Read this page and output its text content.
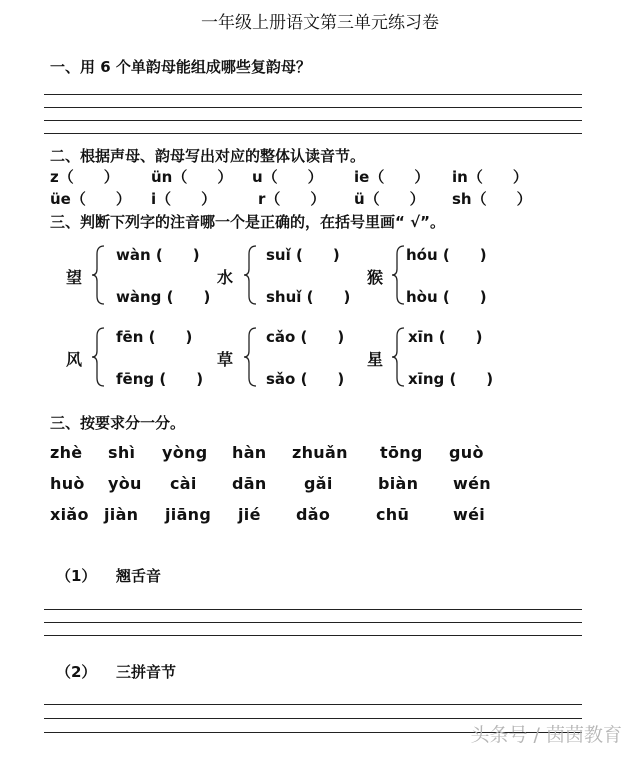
一年级上册语文第三单元练习卷
一、用 6 个单韵母能组成哪些复韵母？
二、根据声母、韵母写出对应的整体认读音节。
z（　　） ün（　　） u（　　） ie（　　） in（　　）
üe（　　） i（　　）	r（　　） ü（　　） sh（　　）
三、判断下列字的注音哪一个是正确的，在括号里画“ √”。
望
wàn (　　)
wàng (　　)
水
suǐ (　　)
shuǐ (　　)
猴
hóu (　　)
hòu (　　)
风
fēn (　　)
fēng (　　)
草
cǎo (　　)
sǎo (　　)
星
xīn (　　)
xīng (　　)
三、按要求分一分。
zhè shì yòng hàn zhuǎn tōng guò
huò yòu cài dān gǎi	biàn wén
xiǎo jiàn jiāng jié dǎo	chū	wéi
（1） 翘舌音
（2） 三拼音节
头条号 / 茵茵教育
